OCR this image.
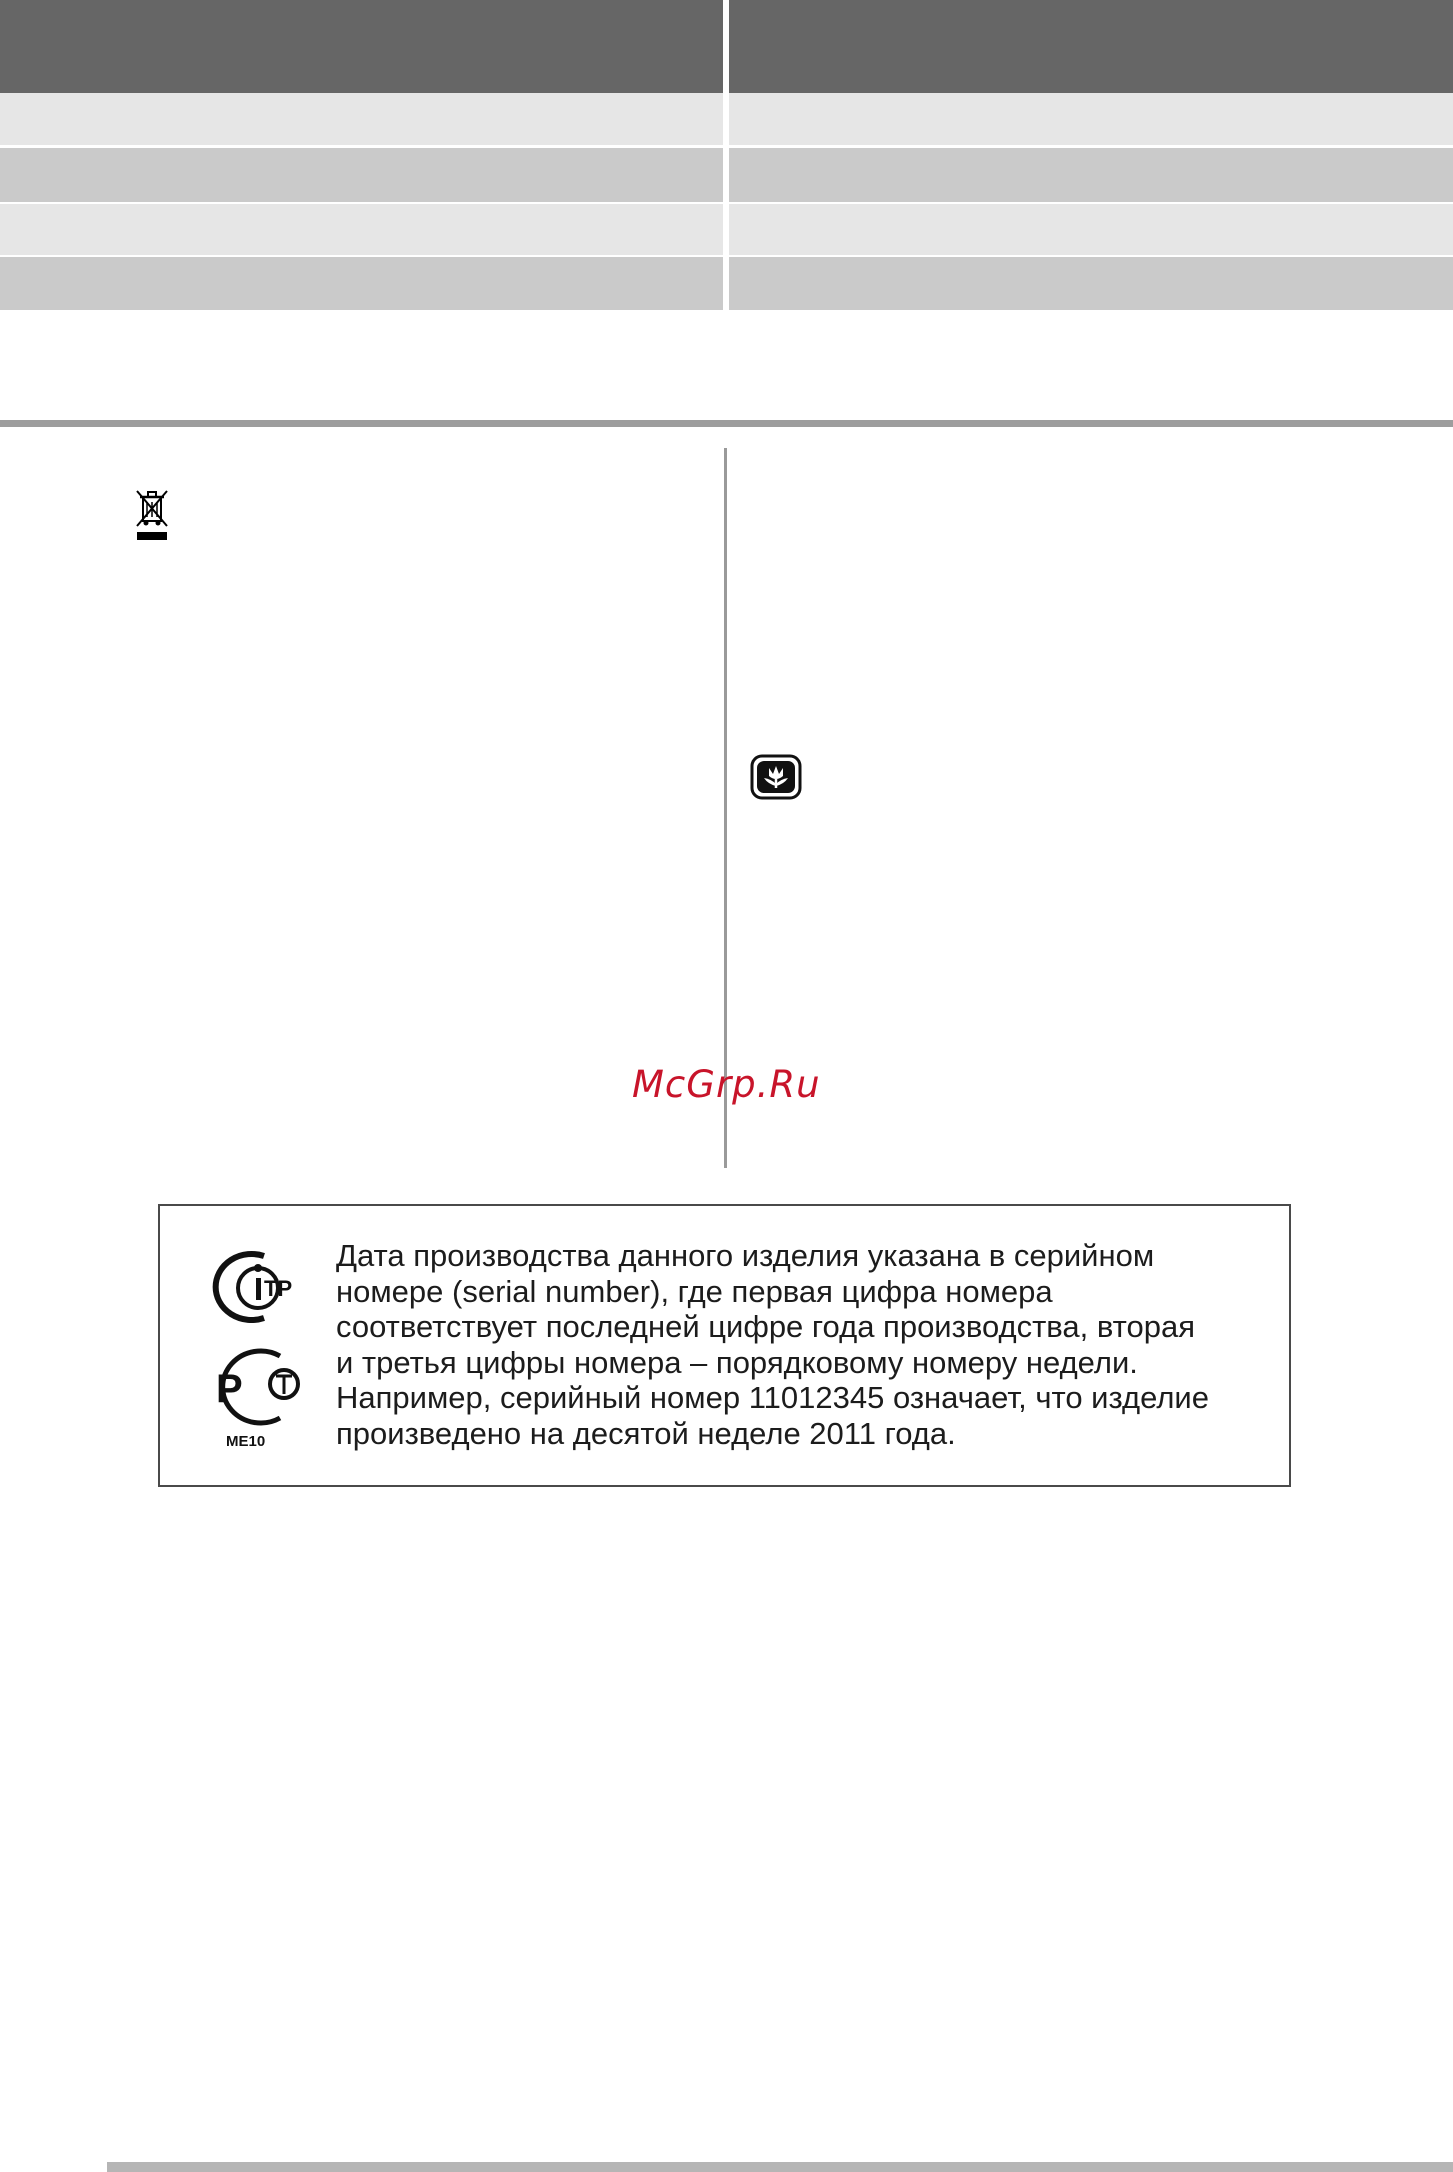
McGrp.Ru
ТР
Р
ME10
Дата производства данного изделия указана в серийном
номере (serial number), где первая цифра номера
соответствует последней цифре года производства, вторая
и третья цифры номера – порядковому номеру недели.
Например, серийный номер 11012345 означает, что изделие
произведено на десятой неделе 2011 года.
